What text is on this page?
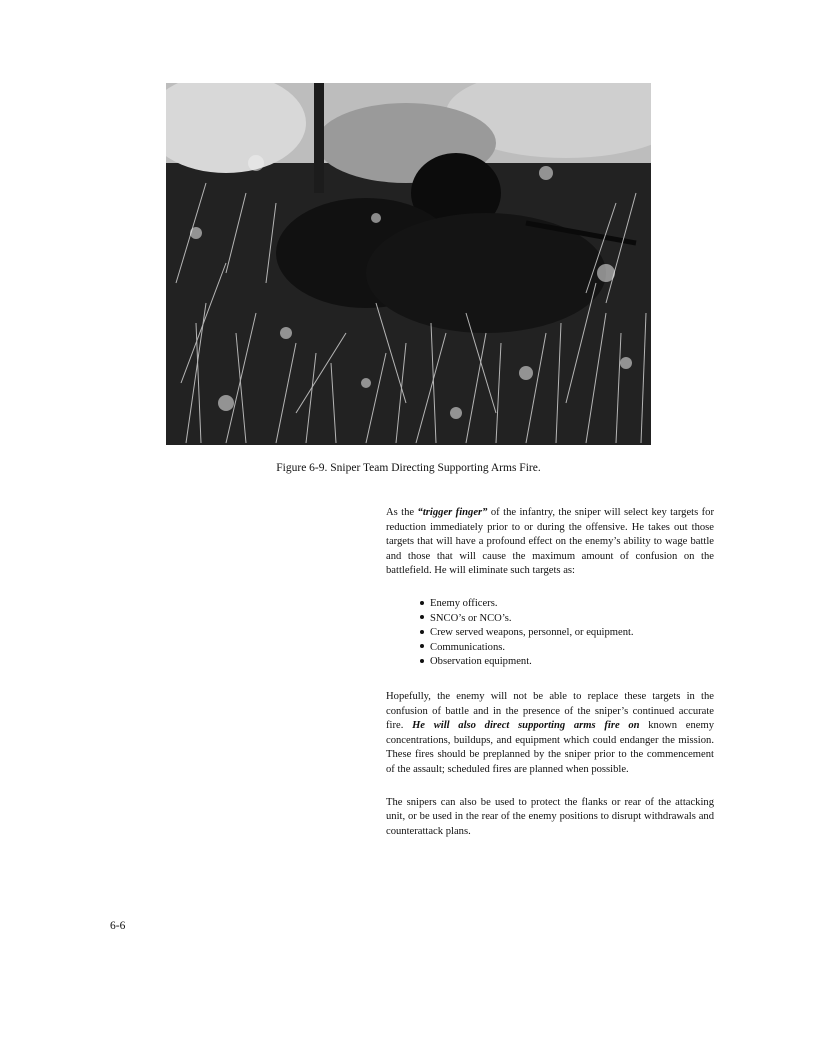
Figure 6-9. Sniper Team Directing Supporting Arms Fire.

As the “trigger finger” of the infantry, the sniper will select key targets for reduction immediately prior to or during the offensive. He takes out those targets that will have a profound effect on the enemy’s ability to wage battle and those that will cause the maximum amount of confusion on the battlefield. He will eliminate such targets as:

Enemy officers.
SNCO’s or NCO’s.
Crew served weapons, personnel, or equipment.
Communications.
Observation equipment.

Hopefully, the enemy will not be able to replace these targets in the confusion of battle and in the presence of the sniper’s continued accurate fire. He will also direct supporting arms fire on known enemy concentrations, buildups, and equipment which could endanger the mission. These fires should be preplanned by the sniper prior to the commencement of the assault; scheduled fires are planned when possible.

The snipers can also be used to protect the flanks or rear of the attacking unit, or be used in the rear of the enemy positions to disrupt withdrawals and counterattack plans.

6-6
